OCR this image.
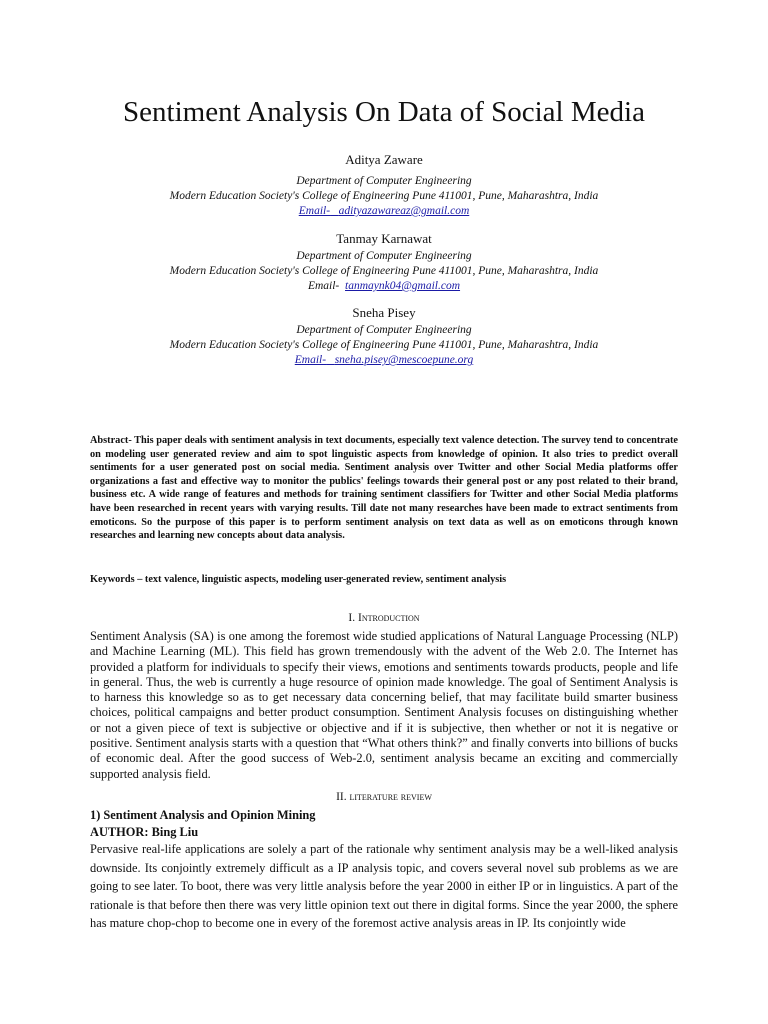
Sentiment Analysis On Data of Social Media
Aditya Zaware
Department of Computer Engineering
Modern Education Society's College of Engineering Pune 411001, Pune, Maharashtra, India
Email- adityazawareaz@gmail.com
Tanmay Karnawat
Department of Computer Engineering
Modern Education Society's College of Engineering Pune 411001, Pune, Maharashtra, India
Email- tanmaynk04@gmail.com
Sneha Pisey
Department of Computer Engineering
Modern Education Society's College of Engineering Pune 411001, Pune, Maharashtra, India
Email- sneha.pisey@mescoepune.org

Abstract- This paper deals with sentiment analysis in text documents, especially text valence detection. The survey tend to concentrate on modeling user generated review and aim to spot linguistic aspects from knowledge of opinion. It also tries to predict overall sentiments for a user generated post on social media. Sentiment analysis over Twitter and other Social Media platforms offer organizations a fast and effective way to monitor the publics' feelings towards their general post or any post related to their brand, business etc. A wide range of features and methods for training sentiment classifiers for Twitter and other Social Media platforms have been researched in recent years with varying results. Till date not many researches have been made to extract sentiments from emoticons. So the purpose of this paper is to perform sentiment analysis on text data as well as on emoticons through known researches and learning new concepts about data analysis.

Keywords – text valence, linguistic aspects, modeling user-generated review, sentiment analysis

I. Introduction

Sentiment Analysis (SA) is one among the foremost wide studied applications of Natural Language Processing (NLP) and Machine Learning (ML). This field has grown tremendously with the advent of the Web 2.0. The Internet has provided a platform for individuals to specify their views, emotions and sentiments towards products, people and life in general. Thus, the web is currently a huge resource of opinion made knowledge. The goal of Sentiment Analysis is to harness this knowledge so as to get necessary data concerning belief, that may facilitate build smarter business choices, political campaigns and better product consumption. Sentiment Analysis focuses on distinguishing whether or not a given piece of text is subjective or objective and if it is subjective, then whether or not it is negative or positive. Sentiment analysis starts with a question that “What others think?” and finally converts into billions of bucks of economic deal. After the good success of Web-2.0, sentiment analysis became an exciting and commercially supported analysis field.

II. literature review
1) Sentiment Analysis and Opinion Mining
AUTHOR: Bing Liu

Pervasive real-life applications are solely a part of the rationale why sentiment analysis may be a well-liked analysis downside. Its conjointly extremely difficult as a IP analysis topic, and covers several novel sub problems as we are going to see later. To boot, there was very little analysis before the year 2000 in either IP or in linguistics. A part of the rationale is that before then there was very little opinion text out there in digital forms. Since the year 2000, the sphere has mature chop-chop to become one in every of the foremost active analysis areas in IP. Its conjointly wide
